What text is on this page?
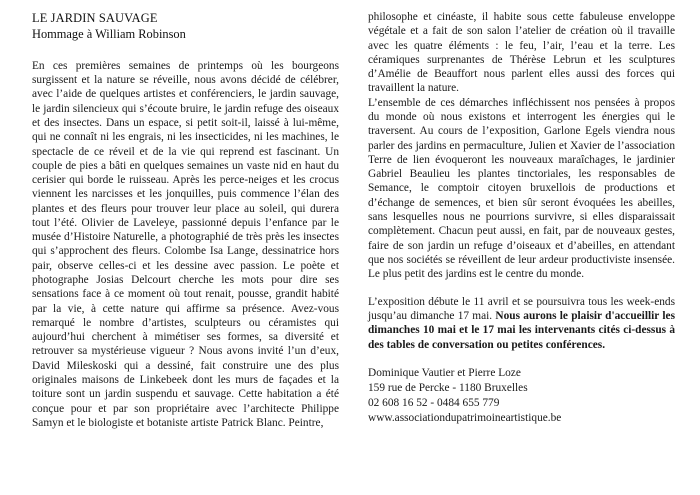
LE JARDIN SAUVAGE
Hommage à William Robinson

En ces premières semaines de printemps où les bourgeons surgissent et la nature se réveille, nous avons décidé de célébrer, avec l’aide de quelques artistes et conférenciers, le jardin sauvage, le jardin silencieux qui s’écoute bruire, le jardin refuge des oiseaux et des insectes. Dans un espace, si petit soit-il, laissé à lui-même, qui ne connaît ni les engrais, ni les insecticides, ni les machines, le spectacle de ce réveil et de la vie qui reprend est fascinant. Un couple de pies a bâti en quelques semaines un vaste nid en haut du cerisier qui borde le ruisseau. Après les perce-neiges et les crocus viennent les narcisses et les jonquilles, puis commence l’élan des plantes et des fleurs pour trouver leur place au soleil, qui durera tout l’été. Olivier de Laveleye, passionné depuis l’enfance par le musée d’Histoire Naturelle, a photographié de très près les insectes qui s’approchent des fleurs. Colombe Isa Lange, dessinatrice hors pair, observe celles-ci et les dessine avec passion. Le poète et photographe Josias Delcourt cherche les mots pour dire ses sensations face à ce moment où tout renait, pousse, grandit habité par la vie, à cette nature qui affirme sa présence. Avez-vous remarqué le nombre d’artistes, sculpteurs ou céramistes qui aujourd’hui cherchent à mimétiser ses formes, sa diversité et retrouver sa mystérieuse vigueur ? Nous avons invité l’un d’eux, David Mileskoski qui a dessiné, fait construire une des plus originales maisons de Linkebeek dont les murs de façades et la toiture sont un jardin suspendu et sauvage. Cette habitation a été conçue pour et par son propriétaire avec l’architecte Philippe Samyn et le biologiste et botaniste artiste Patrick Blanc. Peintre,

philosophe et cinéaste, il habite sous cette fabuleuse enveloppe végétale et a fait de son salon l’atelier de création où il travaille avec les quatre éléments : le feu, l’air, l’eau et la terre. Les céramiques surprenantes de Thérèse Lebrun et les sculptures d’Amélie de Beauffort nous parlent elles aussi des forces qui travaillent la nature.

L’ensemble de ces démarches infléchissent nos pensées à propos du monde où nous existons et interrogent les énergies qui le traversent. Au cours de l’exposition, Garlone Egels viendra nous parler des jardins en permaculture, Julien et Xavier de l’association Terre de lien évoqueront les nouveaux maraîchages, le jardinier Gabriel Beaulieu les plantes tinctoriales, les responsables de Semance, le comptoir citoyen bruxellois de productions et d’échange de semences, et bien sûr seront évoquées les abeilles, sans lesquelles nous ne pourrions survivre, si elles disparaissait complètement. Chacun peut aussi, en fait, par de nouveaux gestes, faire de son jardin un refuge d’oiseaux et d’abeilles, en attendant que nos sociétés se réveillent de leur ardeur productiviste insensée. Le plus petit des jardins est le centre du monde.

L’exposition débute le 11 avril et se poursuivra tous les week-ends jusqu’au dimanche 17 mai. Nous aurons le plaisir d'accueillir les dimanches 10 mai et le 17 mai les intervenants cités ci-dessus à des tables de conversation ou petites conférences.

Dominique Vautier et Pierre Loze

159 rue de Percke - 1180 Bruxelles

02 608 16 52 - 0484 655 779

www.associationdupatrimoineartistique.be
